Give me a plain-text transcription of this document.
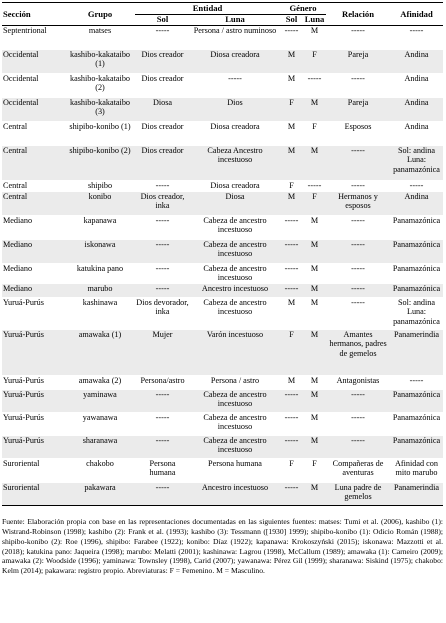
Sección	Grupo	Entidad		Género		Relación	Afinidad
		Sol	Luna	Sol	Luna		

Septentrional	matses	-----	Persona / astro numinoso	-----	M	-----	-----
Occidental	kashibo-kakataibo (1)	Dios creador	Diosa creadora	M	F	Pareja	Andina
Occidental	kashibo-kakataibo (2)	Dios creador	-----	M	-----	-----	Andina
Occidental	kashibo-kakataibo (3)	Diosa	Dios	F	M	Pareja	Andina
Central	shipibo-konibo (1)	Dios creador	Diosa creadora	M	F	Esposos	Andina
Central	shipibo-konibo (2)	Dios creador	Cabeza Ancestro incestuoso	M	M	-----	Sol: andina Luna: panamazónica
Central	shipibo	-----	Diosa creadora	F	-----	-----	-----
Central	konibo	Dios creador, inka	Diosa	M	F	Hermanos y esposos	Andina
Mediano	kapanawa	-----	Cabeza de ancestro incestuoso	-----	M	-----	Panamazónica
Mediano	iskonawa	-----	Cabeza de ancestro incestuoso	-----	M	-----	Panamazónica
Mediano	katukina pano	-----	Cabeza de ancestro incestuoso	-----	M	-----	Panamazónica
Mediano	marubo	-----	Ancestro incestuoso	-----	M	-----	Panamazónica
Yuruá-Purús	kashinawa	Dios devorador, inka	Cabeza de ancestro incestuoso	M	M	-----	Sol: andina Luna: panamazónica
Yuruá-Purús	amawaka (1)	Mujer	Varón incestuoso	F	M	Amantes hermanos, padres de gemelos	Panamerindia
Yuruá-Purús	amawaka (2)	Persona/astro	Persona / astro	M	M	Antagonistas	-----
Yuruá-Purús	yaminawa	-----	Cabeza de ancestro incestuoso	-----	M	-----	Panamazónica
Yuruá-Purús	yawanawa	-----	Cabeza de ancestro incestuoso	-----	M	-----	Panamazónica
Yuruá-Purús	sharanawa	-----	Cabeza de ancestro incestuoso	-----	M	-----	Panamazónica
Suroriental	chakobo	Persona humana	Persona humana	F	F	Compañeras de aventuras	Afinidad con mito marubo
Suroriental	pakawara	-----	Ancestro incestuoso	-----	M	Luna padre de gemelos	Panamerindia
Fuente: Elaboración propia con base en las representaciones documentadas en las siguientes fuentes: matses: Tumi et al. (2006), kashibo (1): Wistrand-Robinson (1998); kashibo (2): Frank et al. (1993); kashibo (3): Tessmann ([1930] 1999); shipibo-konibo (1): Odicio Román (1988); shipibo-konibo (2): Roe (1996), shipibo: Farabee (1922); konibo: Díaz (1922); kapanawa: Krokoszyński (2015); iskonawa: Mazzotti et al. (2018); katukina pano: Jaqueira (1998); marubo: Melatti (2001); kashinawa: Lagrou (1998), McCallum (1989); amawaka (1): Carneiro (2009); amawaka (2): Woodside (1996); yaminawa: Townsley (1998), Carid (2007); yawanawa: Pérez Gil (1999); sharanawa: Siskind (1975); chakobo: Kelm (2014); pakawara: registro propio. Abreviaturas: F = Femenino. M = Masculino.
